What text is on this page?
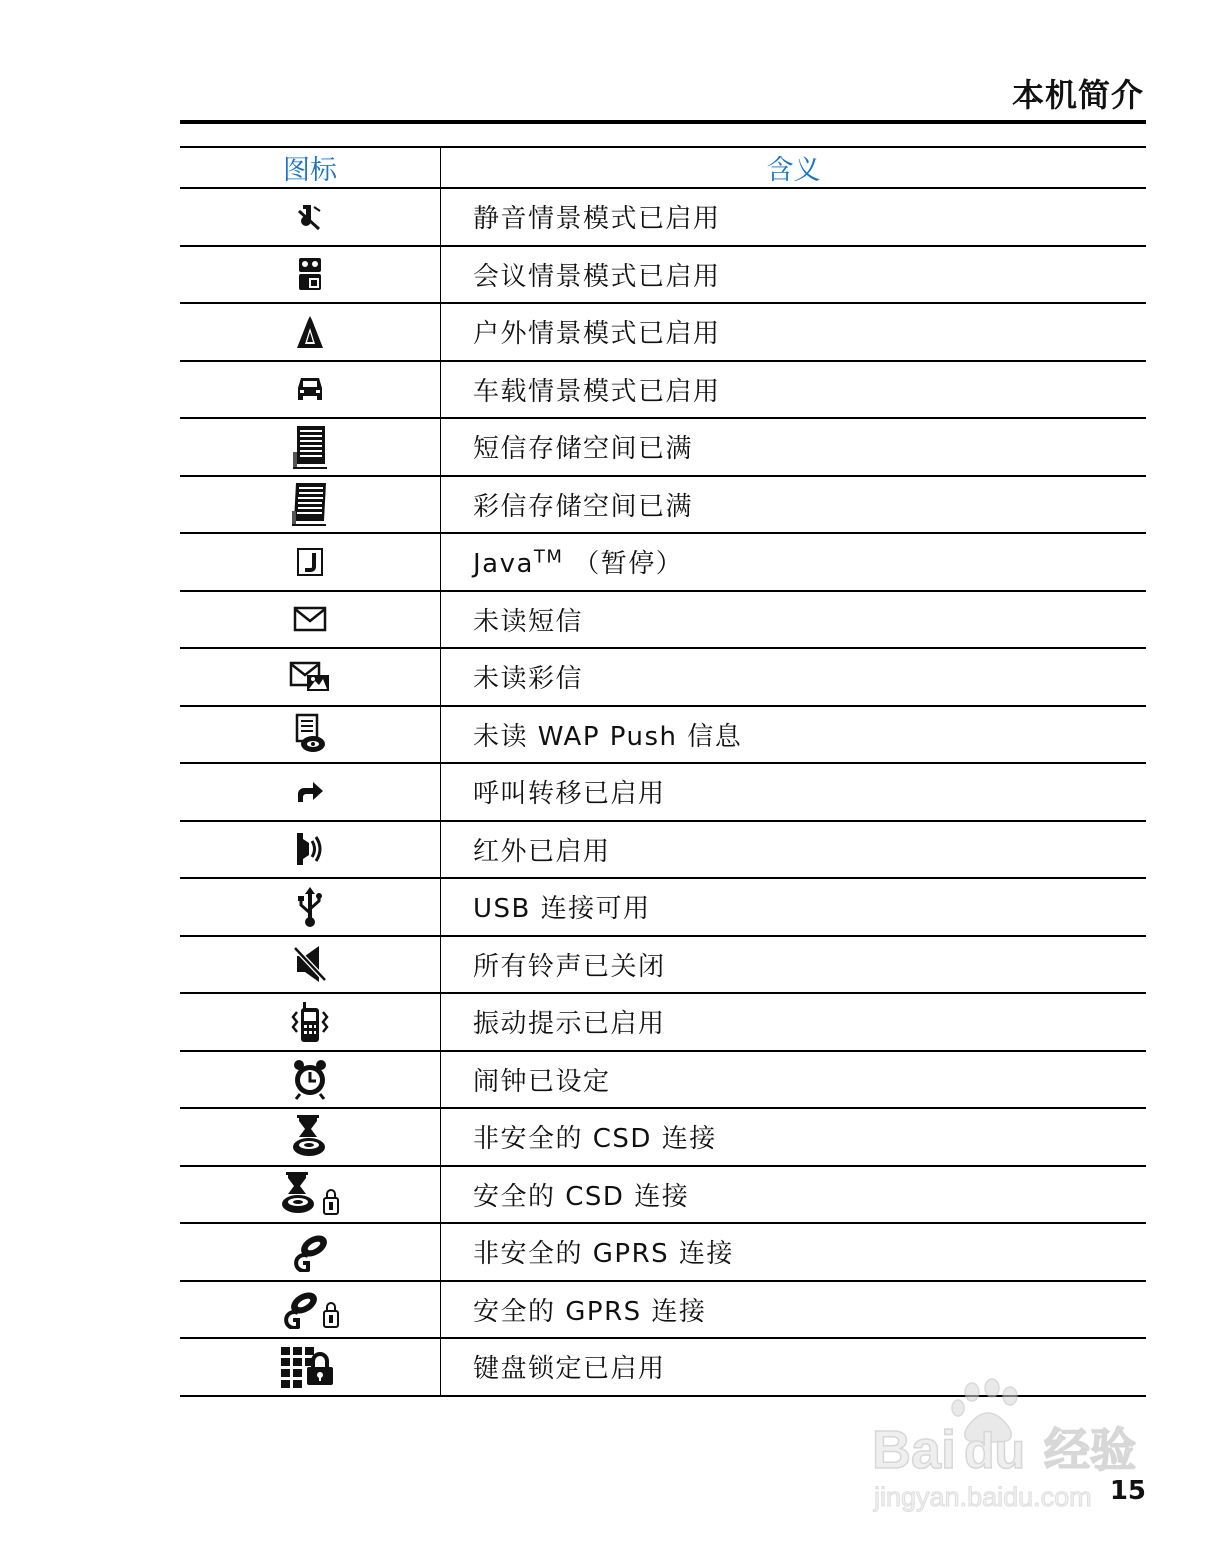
本机简介
图标	含义

	静音情景模式已启用

	会议情景模式已启用

	户外情景模式已启用

	车载情景模式已启用

	短信存储空间已满

	彩信存储空间已满

	Java™ （暂停）

	未读短信

	未读彩信

	未读 WAP Push 信息

	呼叫转移已启用

	红外已启用

	USB 连接可用

	所有铃声已关闭

	振动提示已启用

	闹钟已设定

	非安全的 CSD 连接

	安全的 CSD 连接

	非安全的 GPRS 连接

	安全的 GPRS 连接

	键盘锁定已启用
15
Bai du 经验
jingyan.baidu.com
